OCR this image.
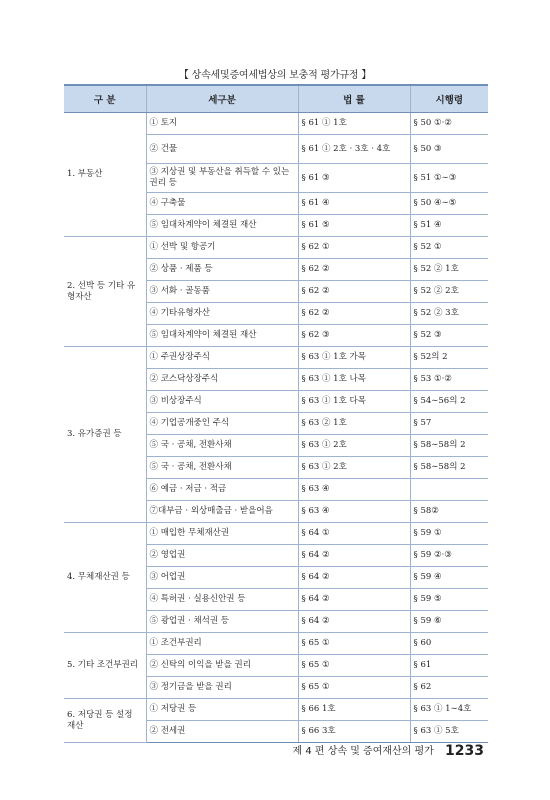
【 상속세및증여세법상의 보충적 평가규정 】
구 분	세구분	법 률	시행령
1. 부동산	① 토지	§ 61 ① 1호	§ 50 ①·②
	② 건물	§ 61 ① 2호 · 3호 · 4호	§ 50 ③
	③ 지상권 및 부동산을 취득할 수 있는 권리 등	§ 61 ③	§ 51 ①∼③
	④ 구축물	§ 61 ④	§ 50 ④∼⑤
	⑤ 임대차계약이 체결된 재산	§ 61 ⑤	§ 51 ④
2. 선박 등 기타 유형자산	① 선박 및 항공기	§ 62 ①	§ 52 ①
	② 상품 · 제품 등	§ 62 ②	§ 52 ② 1호
	③ 서화 · 골동품	§ 62 ②	§ 52 ② 2호
	④ 기타유형자산	§ 62 ②	§ 52 ② 3호
	⑤ 임대차계약이 체결된 재산	§ 62 ③	§ 52 ③
3. 유가증권 등	① 주권상장주식	§ 63 ① 1호 가목	§ 52의 2
	② 코스닥상장주식	§ 63 ① 1호 나목	§ 53 ①·②
	③ 비상장주식	§ 63 ① 1호 다목	§ 54∼56의 2
	④ 기업공개중인 주식	§ 63 ② 1호	§ 57
	⑤ 국 · 공채, 전환사채	§ 63 ① 2호	§ 58∼58의 2
	⑤ 국 · 공채, 전환사채	§ 63 ① 2호	§ 58∼58의 2
	⑥ 예금 · 저금 · 적금	§ 63 ④	
	⑦대부금 · 외상매출금 · 받을어음	§ 63 ④	§ 58②
4. 무체재산권 등	① 매입한 무체재산권	§ 64 ①	§ 59 ①
	② 영업권	§ 64 ②	§ 59 ②·③
	③ 어업권	§ 64 ②	§ 59 ④
	④ 특허권 · 실용신안권 등	§ 64 ②	§ 59 ⑤
	⑤ 광업권 · 채석권 등	§ 64 ②	§ 59 ⑥
5. 기타 조건부권리	① 조건부권리	§ 65 ①	§ 60
	② 신탁의 이익을 받을 권리	§ 65 ①	§ 61
	③ 정기금을 받을 권리	§ 65 ①	§ 62
6. 저당권 등 설정 재산	① 저당권 등	§ 66 1호	§ 63 ① 1∼4호
	② 전세권	§ 66 3호	§ 63 ① 5호
제 4 편 상속 및 증여재산의 평가 1233
